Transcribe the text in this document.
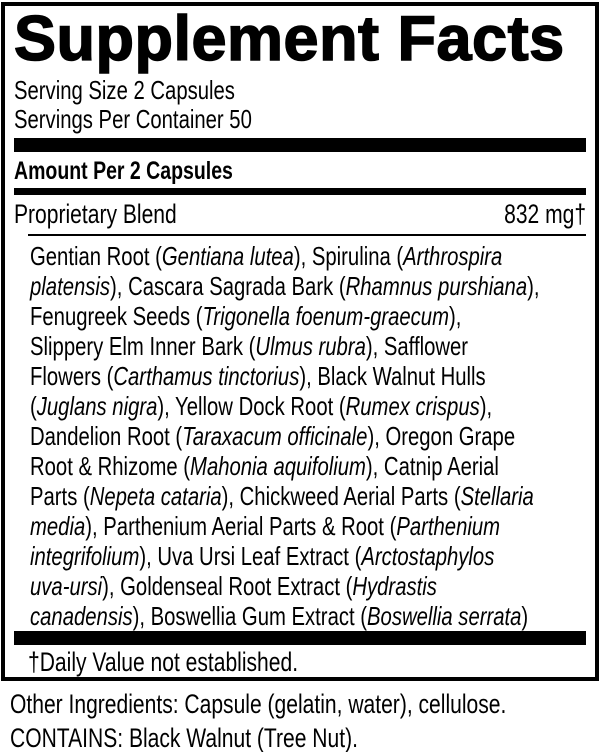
Supplement Facts
Serving Size 2 Capsules
Servings Per Container 50
Amount Per 2 Capsules
Proprietary Blend	832 mg†
Gentian Root (Gentiana lutea), Spirulina (Arthrospira
platensis), Cascara Sagrada Bark (Rhamnus purshiana),
Fenugreek Seeds (Trigonella foenum-graecum),
Slippery Elm Inner Bark (Ulmus rubra), Safflower
Flowers (Carthamus tinctorius), Black Walnut Hulls
(Juglans nigra), Yellow Dock Root (Rumex crispus),
Dandelion Root (Taraxacum officinale), Oregon Grape
Root & Rhizome (Mahonia aquifolium), Catnip Aerial
Parts (Nepeta cataria), Chickweed Aerial Parts (Stellaria
media), Parthenium Aerial Parts & Root (Parthenium
integrifolium), Uva Ursi Leaf Extract (Arctostaphylos
uva-ursi), Goldenseal Root Extract (Hydrastis
canadensis), Boswellia Gum Extract (Boswellia serrata)
†Daily Value not established.
Other Ingredients: Capsule (gelatin, water), cellulose.
CONTAINS: Black Walnut (Tree Nut).
